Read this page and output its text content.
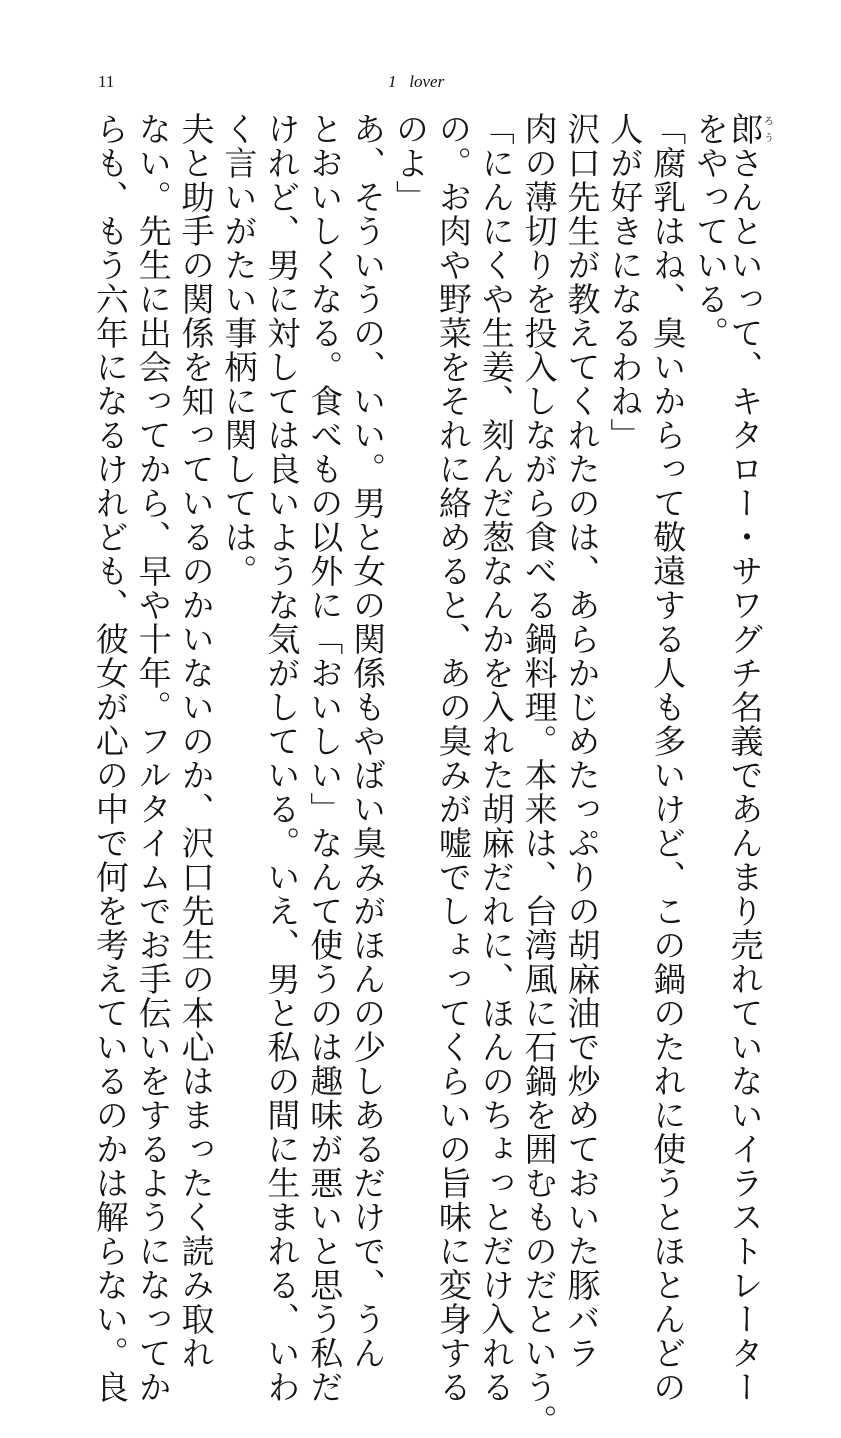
11	1   lover
郎ろうさんといって、キタロー・サワグチ名義であんまり売れていないイラストレーター
をやっている。
「腐乳はね、臭いからって敬遠する人も多いけど、この鍋のたれに使うとほとんどの
人が好きになるわね」
沢口先生が教えてくれたのは、あらかじめたっぷりの胡麻油で炒めておいた豚バラ
肉の薄切りを投入しながら食べる鍋料理。本来は、台湾風に石鍋を囲むものだという。
「にんにくや生姜、刻んだ葱なんかを入れた胡麻だれに、ほんのちょっとだけ入れる
の。お肉や野菜をそれに絡めると、あの臭みが嘘でしょってくらいの旨味に変身する
のよ」
あ、そういうの、いい。男と女の関係もやばい臭みがほんの少しあるだけで、うん
とおいしくなる。食べもの以外に「おいしい」なんて使うのは趣味が悪いと思う私だ
けれど、男に対しては良いような気がしている。いえ、男と私の間に生まれる、いわ
く言いがたい事柄に関しては。
夫と助手の関係を知っているのかいないのか、沢口先生の本心はまったく読み取れ
ない。先生に出会ってから、早や十年。フルタイムでお手伝いをするようになってか
らも、もう六年になるけれども、彼女が心の中で何を考えているのかは解らない。良
